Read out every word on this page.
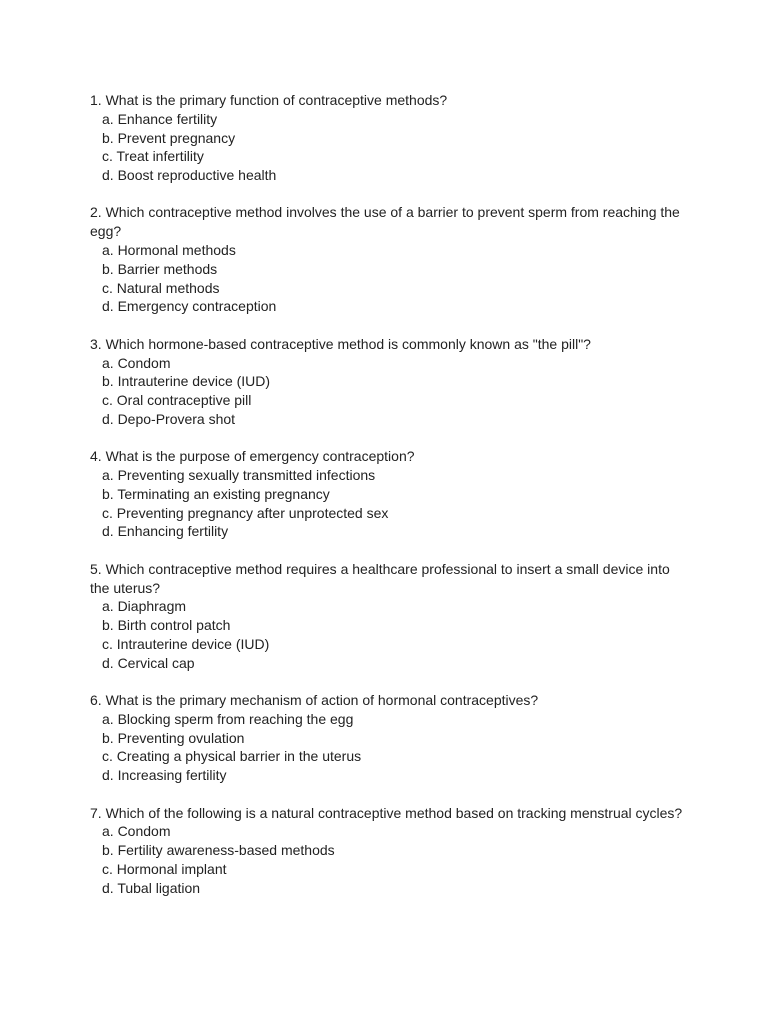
1. What is the primary function of contraceptive methods?

a. Enhance fertility
b. Prevent pregnancy
c. Treat infertility
d. Boost reproductive health

2. Which contraceptive method involves the use of a barrier to prevent sperm from reaching the egg?

a. Hormonal methods
b. Barrier methods
c. Natural methods
d. Emergency contraception

3. Which hormone-based contraceptive method is commonly known as "the pill"?

a. Condom
b. Intrauterine device (IUD)
c. Oral contraceptive pill
d. Depo-Provera shot

4. What is the purpose of emergency contraception?

a. Preventing sexually transmitted infections
b. Terminating an existing pregnancy
c. Preventing pregnancy after unprotected sex
d. Enhancing fertility

5. Which contraceptive method requires a healthcare professional to insert a small device into the uterus?

a. Diaphragm
b. Birth control patch
c. Intrauterine device (IUD)
d. Cervical cap

6. What is the primary mechanism of action of hormonal contraceptives?

a. Blocking sperm from reaching the egg
b. Preventing ovulation
c. Creating a physical barrier in the uterus
d. Increasing fertility

7. Which of the following is a natural contraceptive method based on tracking menstrual cycles?

a. Condom
b. Fertility awareness-based methods
c. Hormonal implant
d. Tubal ligation
